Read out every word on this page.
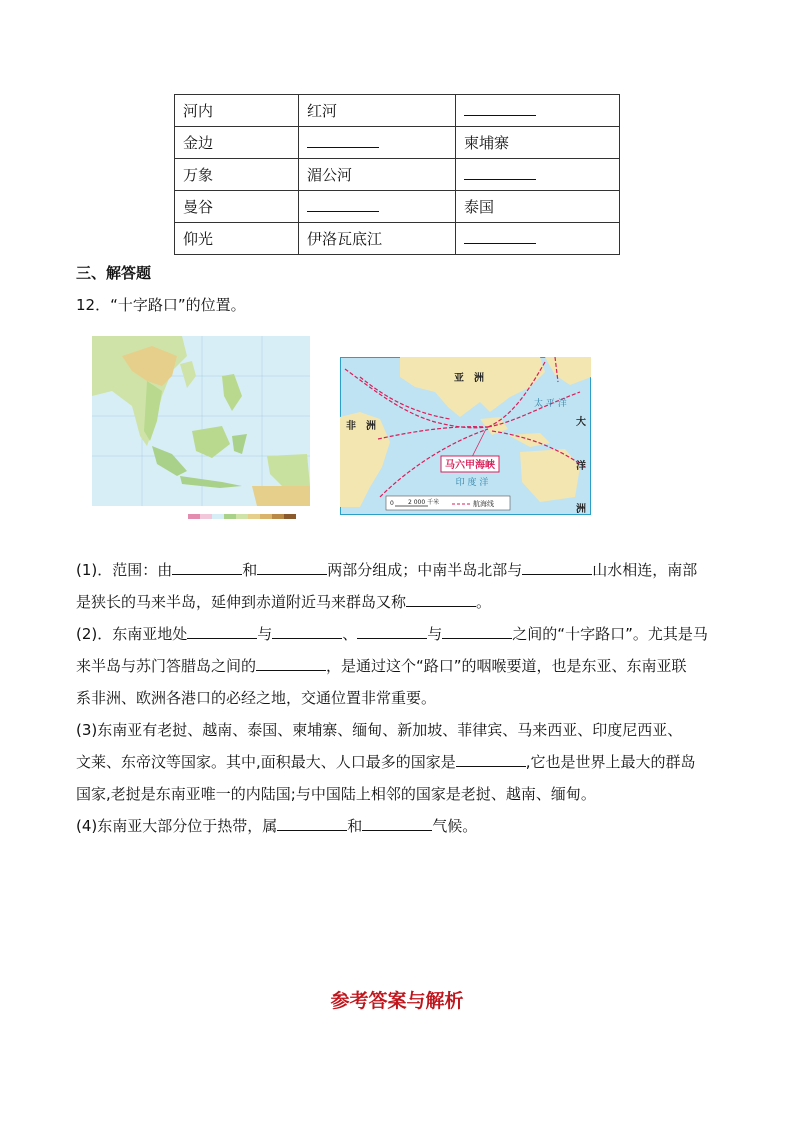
河内	红河	
金边		柬埔寨
万象	湄公河	
曼谷		泰国
仰光	伊洛瓦底江	
三、解答题
12．“十字路口”的位置。
马六甲海峡
亚　洲
非　洲
太 平 洋
大
洋
洲
印 度 洋
0 2 000 千米	航海线
(1)．范围：由	和	两部分组成；中南半岛北部与	山水相连，南部
是狭长的马来半岛，延伸到赤道附近马来群岛又称	。
(2)．东南亚地处	与	、	与	之间的“十字路口”。尤其是马
来半岛与苏门答腊岛之间的	，是通过这个“路口”的咽喉要道，也是东亚、东南亚联
系非洲、欧洲各港口的必经之地，交通位置非常重要。
(3)东南亚有老挝、越南、泰国、柬埔寨、缅甸、新加坡、菲律宾、马来西亚、印度尼西亚、
文莱、东帝汶等国家。其中,面积最大、人口最多的国家是	,它也是世界上最大的群岛
国家,老挝是东南亚唯一的内陆国;与中国陆上相邻的国家是老挝、越南、缅甸。
(4)东南亚大部分位于热带，属	和	气候。
参考答案与解析
